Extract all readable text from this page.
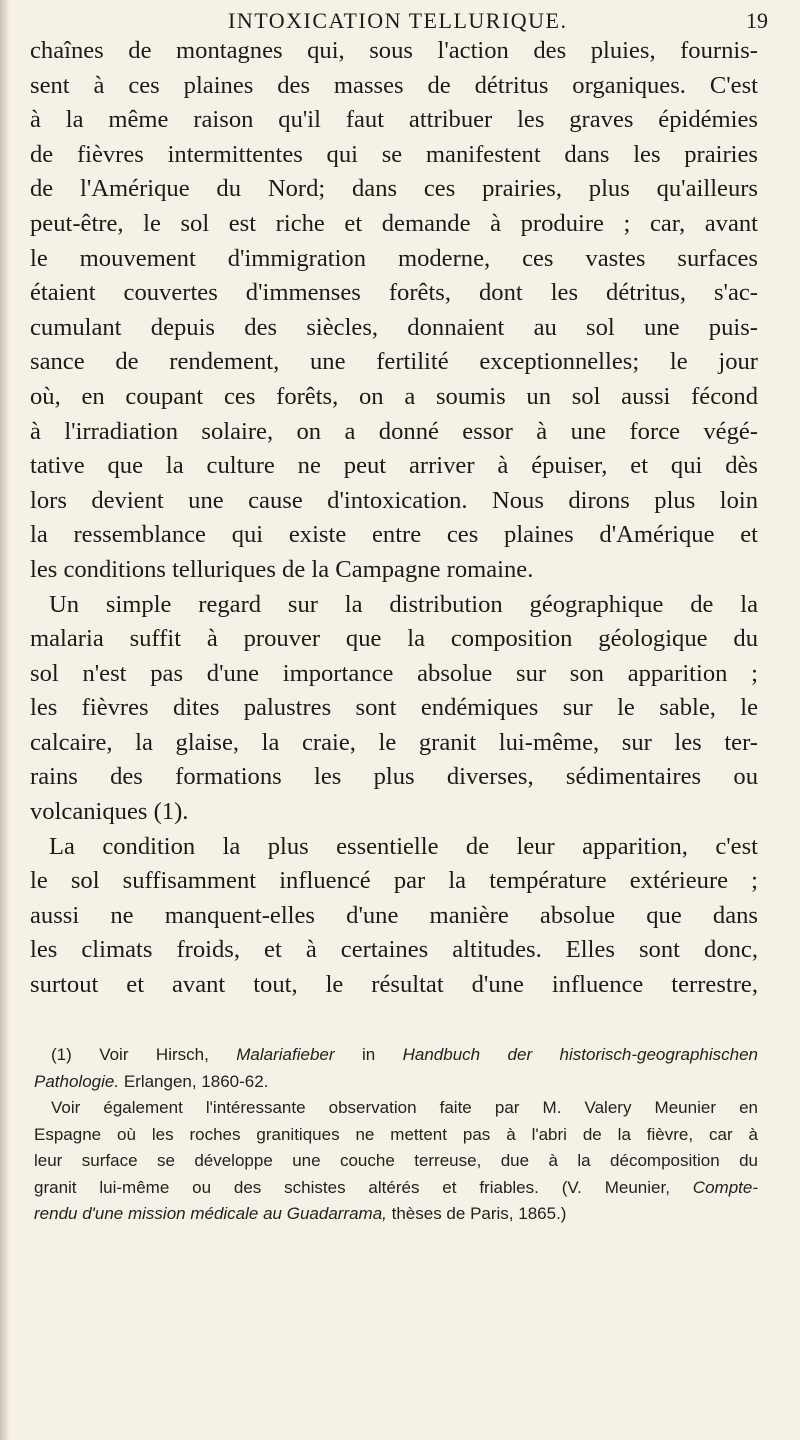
INTOXICATION TELLURIQUE.	19
chaînes de montagnes qui, sous l'action des pluies, fournis-
sent à ces plaines des masses de détritus organiques. C'est
à la même raison qu'il faut attribuer les graves épidémies
de fièvres intermittentes qui se manifestent dans les prairies
de l'Amérique du Nord; dans ces prairies, plus qu'ailleurs
peut-être, le sol est riche et demande à produire ; car, avant
le mouvement d'immigration moderne, ces vastes surfaces
étaient couvertes d'immenses forêts, dont les détritus, s'ac-
cumulant depuis des siècles, donnaient au sol une puis-
sance de rendement, une fertilité exceptionnelles; le jour
où, en coupant ces forêts, on a soumis un sol aussi fécond
à l'irradiation solaire, on a donné essor à une force végé-
tative que la culture ne peut arriver à épuiser, et qui dès
lors devient une cause d'intoxication. Nous dirons plus loin
la ressemblance qui existe entre ces plaines d'Amérique et
les conditions telluriques de la Campagne romaine.
Un simple regard sur la distribution géographique de la
malaria suffit à prouver que la composition géologique du
sol n'est pas d'une importance absolue sur son apparition ;
les fièvres dites palustres sont endémiques sur le sable, le
calcaire, la glaise, la craie, le granit lui-même, sur les ter-
rains des formations les plus diverses, sédimentaires ou
volcaniques (1).
La condition la plus essentielle de leur apparition, c'est
le sol suffisamment influencé par la température extérieure ;
aussi ne manquent-elles d'une manière absolue que dans
les climats froids, et à certaines altitudes. Elles sont donc,
surtout et avant tout, le résultat d'une influence terrestre,
(1) Voir Hirsch, Malariafieber in Handbuch der historisch-geographischen
Pathologie. Erlangen, 1860-62.
Voir également l'intéressante observation faite par M. Valery Meunier en
Espagne où les roches granitiques ne mettent pas à l'abri de la fièvre, car à
leur surface se développe une couche terreuse, due à la décomposition du
granit lui-même ou des schistes altérés et friables. (V. Meunier, Compte-
rendu d'une mission médicale au Guadarrama, thèses de Paris, 1865.)
